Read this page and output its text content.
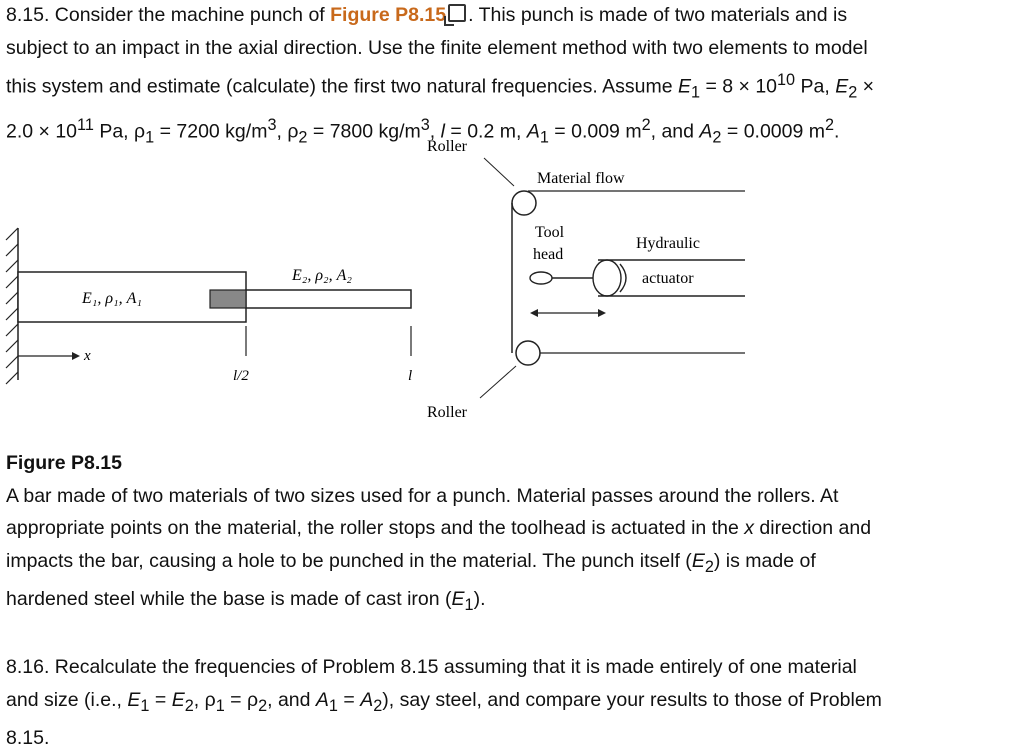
8.15. Consider the machine punch of Figure P8.15 . This punch is made of two materials and is
subject to an impact in the axial direction. Use the finite element method with two elements to model
this system and estimate (calculate) the first two natural frequencies. Assume $E_1 = 8 \times 10^{10}$ Pa, $E_2$ ×
$2.0 \times 10^{11}$ Pa, $\rho_1 = 7200$ $kg/m^3$, $\rho_2 = 7800$ $kg/m^3$, l = 0.2 m, $A_1 = 0.009$ $m^2$, and $A_2 = 0.0009$ $m^2$.
E₁, ρ₁, A₁
E₂, ρ₂, A₂
x
l/2	l
Roller
Material flow
Roller
Tool
head
Hydraulic
actuator
Figure P8.15
A bar made of two materials of two sizes used for a punch. Material passes around the rollers. At
appropriate points on the material, the roller stops and the toolhead is actuated in the x direction and
impacts the bar, causing a hole to be punched in the material. The punch itself $(E_2)$ is made of
hardened steel while the base is made of cast iron $(E_1)$.
8.16. Recalculate the frequencies of Problem 8.15 assuming that it is made entirely of one material
and size (i.e., $E_1 = E_2$, $\rho_1 = \rho_2$, and $A_1 = A_2$), say steel, and compare your results to those of Problem
8.15.
